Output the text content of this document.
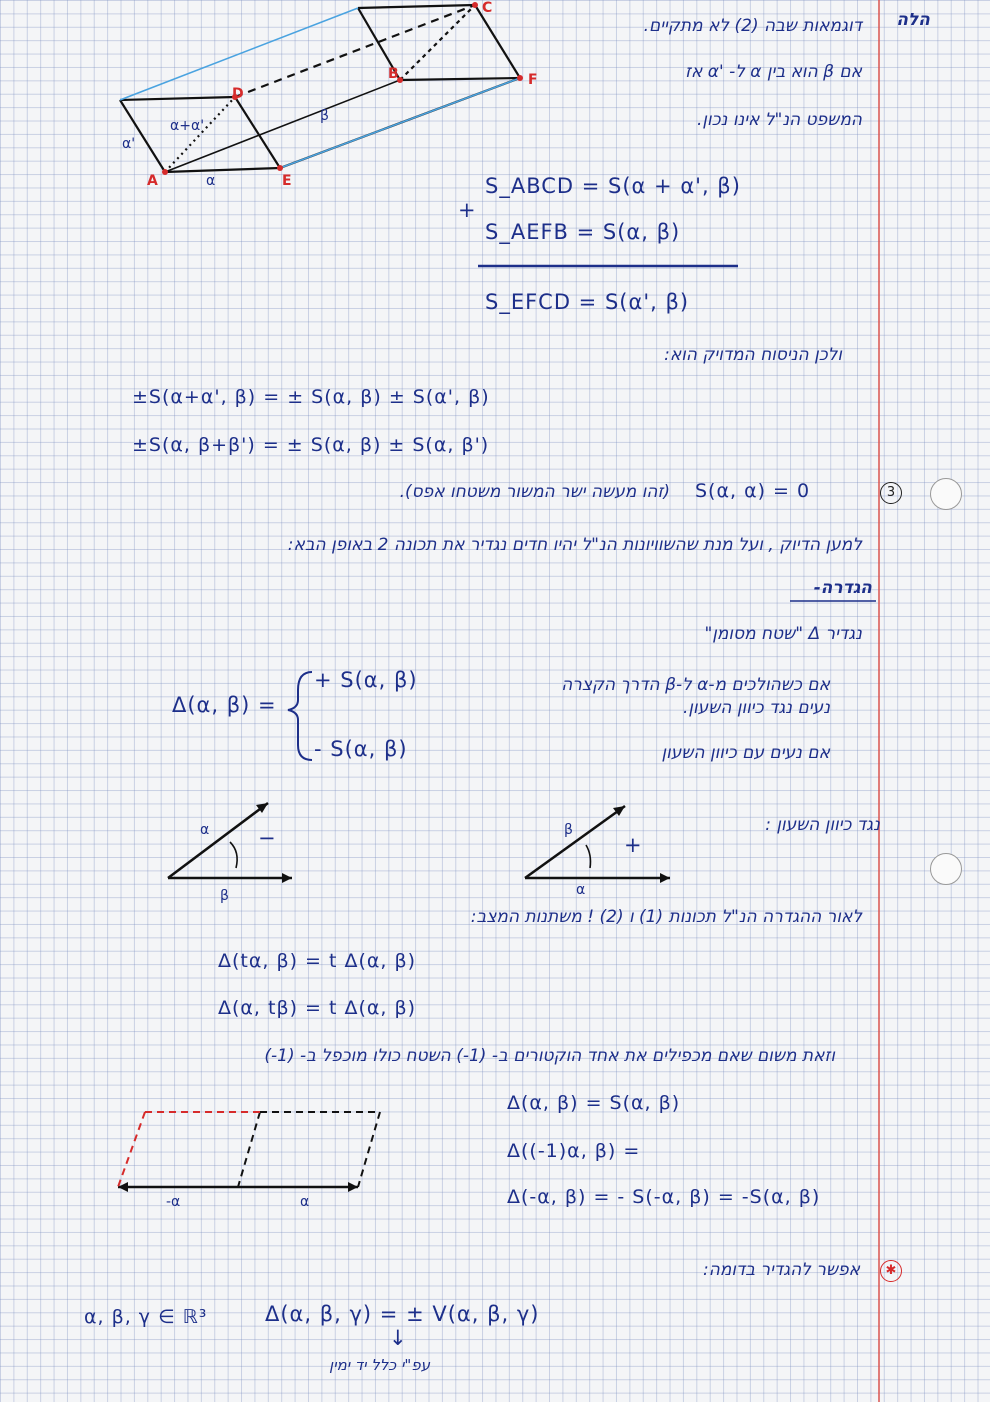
הלה
A
D
E
B
C
F
α'
α+α'
α
β
דוגמאות שבה (2) לא מתקיים.
אם β הוא בין α ל- 'α אז
המשפט הנ"ל אינו נכון.
S_ABCD = S(α + α', β)
+
S_AEFB = S(α, β)
S_EFCD = S(α', β)
ולכן הניסוח המדויק הוא:
±S(α+α', β) = ± S(α, β) ± S(α', β)
±S(α, β+β') = ± S(α, β) ± S(α, β')
3
S(α, α) = 0
(זהו מעשה ישר המשור משטחו אפס).
למען הדיוק , ועל מנת שהשוויונות הנ"ל יהיו חדים נגדיר את תכונה 2 באופן הבא:
הגדרה-
נגדיר Δ "שטח מסומן"
Δ(α, β) =
+ S(α, β)	אם כשהולכים מ-α ל-β הדרך הקצרה
נעים נגד כיוון השעון.
- S(α, β)	אם נעים עם כיוון השעון
נגד כיוון השעון :
β
α
+
α
β
−
לאור ההגדרה הנ"ל תכונות (1) ו (2) ! משתנות המצב:
Δ(tα, β) = t Δ(α, β)
Δ(α, tβ) = t Δ(α, β)
וזאת משום שאם מכפילים את אחד הוקטורים ב- (1-) השטח כולו מוכפל ב- (1-)
-α	α
Δ(α, β) = S(α, β)
Δ((-1)α, β) =
Δ(-α, β) = - S(-α, β) = -S(α, β)
✱
אפשר להגדיר בדומה:
α, β, γ ∈ ℝ³	Δ(α, β, γ) = ± V(α, β, γ)
↓
עפ"י כלל יד ימין
